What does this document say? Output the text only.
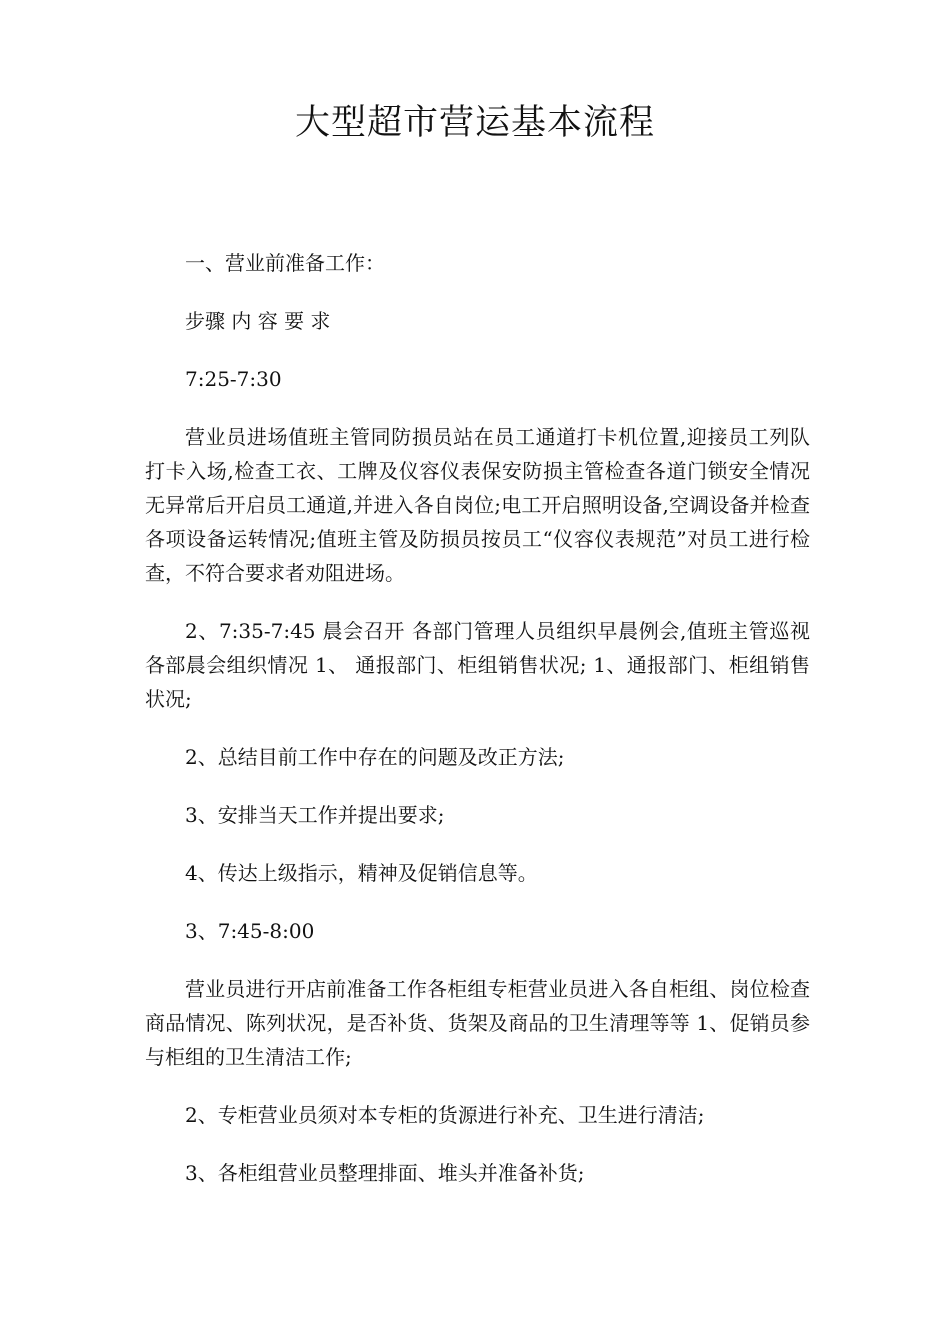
大型超市营运基本流程

一、营业前准备工作：

步骤 内 容 要 求

7:25-7:30

营业员进场值班主管同防损员站在员工通道打卡机位置,迎接员工列队打卡入场,检查工衣、工牌及仪容仪表保安防损主管检查各道门锁安全情况无异常后开启员工通道,并进入各自岗位;电工开启照明设备,空调设备并检查各项设备运转情况;值班主管及防损员按员工“仪容仪表规范”对员工进行检查，不符合要求者劝阻进场。

2、7:35-7:45 晨会召开 各部门管理人员组织早晨例会,值班主管巡视各部晨会组织情况 1、 通报部门、柜组销售状况; 1、通报部门、柜组销售状况;

2、总结目前工作中存在的问题及改正方法;

3、安排当天工作并提出要求;

4、传达上级指示，精神及促销信息等。

3、7:45-8:00

营业员进行开店前准备工作各柜组专柜营业员进入各自柜组、岗位检查商品情况、陈列状况，是否补货、货架及商品的卫生清理等等 1、促销员参与柜组的卫生清洁工作;

2、专柜营业员须对本专柜的货源进行补充、卫生进行清洁;

3、各柜组营业员整理排面、堆头并准备补货;
